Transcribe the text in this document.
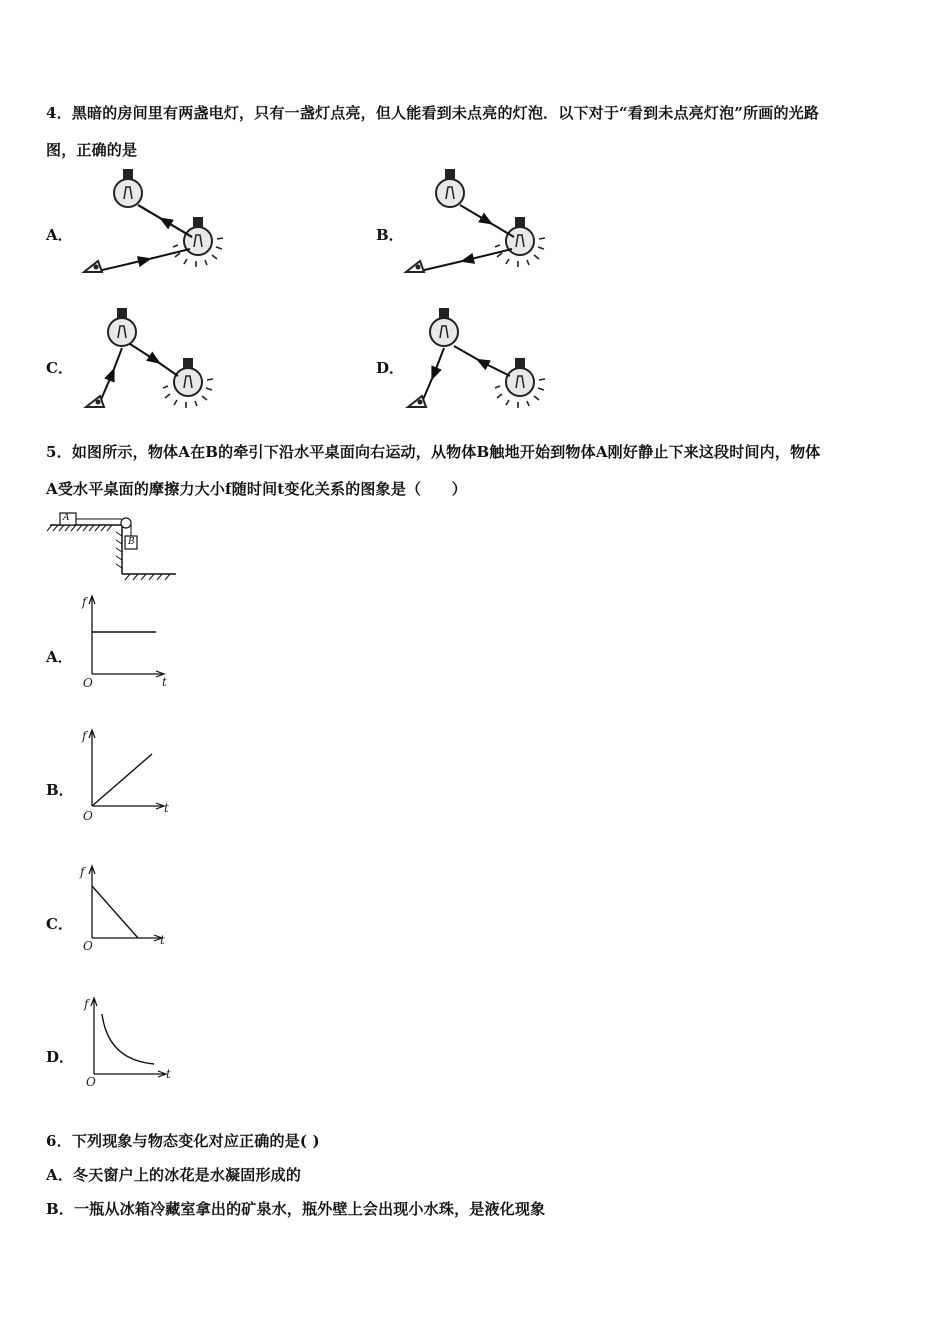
4．黑暗的房间里有两盏电灯，只有一盏灯点亮，但人能看到未点亮的灯泡．以下对于“看到未点亮灯泡”所画的光路
图，正确的是
A．	B．
C．	D．
5．如图所示，物体A在B的牵引下沿水平桌面向右运动，从物体B触地开始到物体A刚好静止下来这段时间内，物体
A受水平桌面的摩擦力大小f随时间t变化关系的图象是（　　）
A
B
A．
B．
C．
D．
f
t
O
f
t
O
f
t
O
f
t
O
6．下列现象与物态变化对应正确的是( )
A．冬天窗户上的冰花是水凝固形成的
B．一瓶从冰箱冷藏室拿出的矿泉水，瓶外壁上会出现小水珠，是液化现象
